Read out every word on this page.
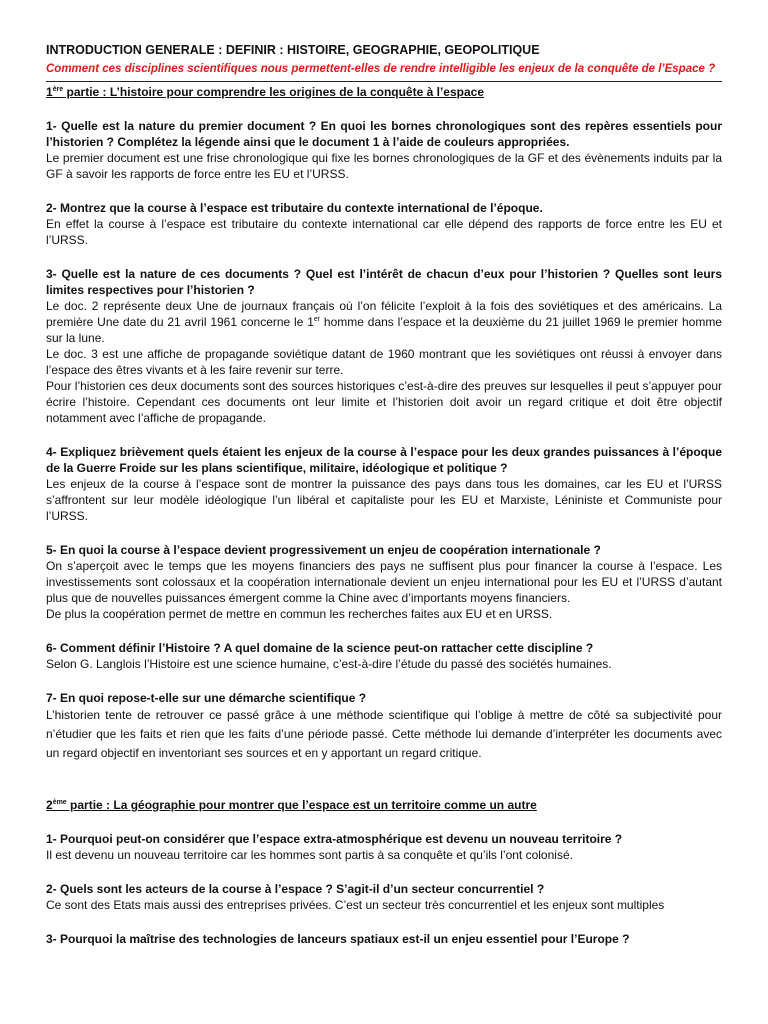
INTRODUCTION GENERALE : DEFINIR : HISTOIRE, GEOGRAPHIE, GEOPOLITIQUE

Comment ces disciplines scientifiques nous permettent-elles de rendre intelligible les enjeux de la conquête de l’Espace ?

1ère partie : L’histoire pour comprendre les origines de la conquête à l’espace

1- Quelle est la nature du premier document ? En quoi les bornes chronologiques sont des repères essentiels pour l’historien ? Complétez la légende ainsi que le document 1 à l’aide de couleurs appropriées.

Le premier document est une frise chronologique qui fixe les bornes chronologiques de la GF et des évènements induits par la GF à savoir les rapports de force entre les EU et l’URSS.

2- Montrez que la course à l’espace est tributaire du contexte international de l’époque.

En effet la course à l’espace est tributaire du contexte international car elle dépend des rapports de force entre les EU et l’URSS.

3- Quelle est la nature de ces documents ? Quel est l’intérêt de chacun d’eux pour l’historien ? Quelles sont leurs limites respectives pour l’historien ?

Le doc. 2 représente deux Une de journaux français où l’on félicite l’exploit à la fois des soviétiques et des américains. La première Une date du 21 avril 1961 concerne le 1er homme dans l’espace et la deuxième du 21 juillet 1969 le premier homme sur la lune.

Le doc. 3 est une affiche de propagande soviétique datant de 1960 montrant que les soviétiques ont réussi à envoyer dans l’espace des êtres vivants et à les faire revenir sur terre.

Pour l’historien ces deux documents sont des sources historiques c’est-à-dire des preuves sur lesquelles il peut s’appuyer pour écrire l’histoire. Cependant ces documents ont leur limite et l’historien doit avoir un regard critique et doit être objectif notamment avec l’affiche de propagande.

4- Expliquez brièvement quels étaient les enjeux de la course à l’espace pour les deux grandes puissances à l’époque de la Guerre Froide sur les plans scientifique, militaire, idéologique et politique ?

Les enjeux de la course à l’espace sont de montrer la puissance des pays dans tous les domaines, car les EU et l’URSS s’affrontent sur leur modèle idéologique l’un libéral et capitaliste pour les EU et Marxiste, Léniniste et Communiste pour l’URSS.

5- En quoi la course à l’espace devient progressivement un enjeu de coopération internationale ?

On s’aperçoit avec le temps que les moyens financiers des pays ne suffisent plus pour financer la course à l’espace. Les investissements sont colossaux et la coopération internationale devient un enjeu international pour les EU et l’URSS d’autant plus que de nouvelles puissances émergent comme la Chine avec d’importants moyens financiers.

De plus la coopération permet de mettre en commun les recherches faites aux EU et en URSS.

6- Comment définir l’Histoire ? A quel domaine de la science peut-on rattacher cette discipline ?

Selon G. Langlois l’Histoire est une science humaine, c’est-à-dire l’étude du passé des sociétés humaines.

7- En quoi repose-t-elle sur une démarche scientifique ?

L’historien tente de retrouver ce passé grâce à une méthode scientifique qui l’oblige à mettre de côté sa subjectivité pour n’étudier que les faits et rien que les faits d’une période passé. Cette méthode lui demande d’interpréter les documents avec un regard objectif en inventoriant ses sources et en y apportant un regard critique.

2ème partie : La géographie pour montrer que l’espace est un territoire comme un autre

1- Pourquoi peut-on considérer que l’espace extra-atmosphérique est devenu un nouveau territoire ?

Il est devenu un nouveau territoire car les hommes sont partis à sa conquête et qu’ils l’ont colonisé.

2- Quels sont les acteurs de la course à l’espace ? S’agit-il d’un secteur concurrentiel ?

Ce sont des Etats mais aussi des entreprises privées. C’est un secteur très concurrentiel et les enjeux sont multiples

3- Pourquoi la maîtrise des technologies de lanceurs spatiaux est-il un enjeu essentiel pour l’Europe ?
